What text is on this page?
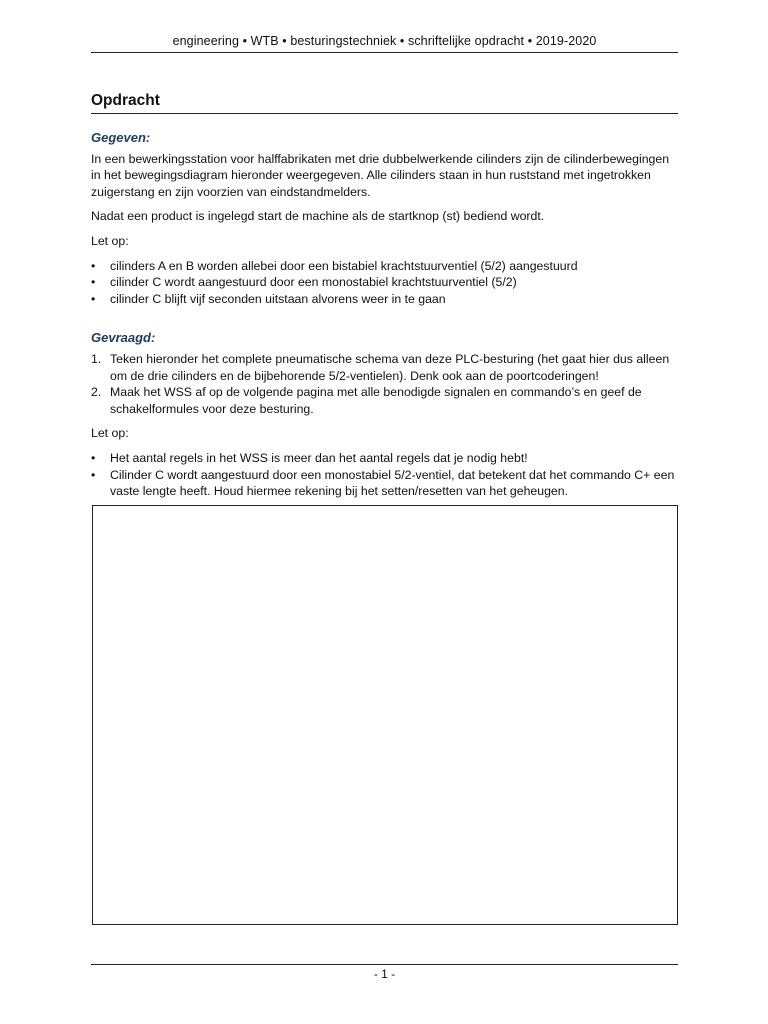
engineering • WTB • besturingstechniek • schriftelijke opdracht • 2019-2020
Opdracht
Gegeven:

In een bewerkingsstation voor halffabrikaten met drie dubbelwerkende cilinders zijn de cilinderbewegingen in het bewegingsdiagram hieronder weergegeven. Alle cilinders staan in hun ruststand met ingetrokken zuigerstang en zijn voorzien van eindstandmelders.

Nadat een product is ingelegd start de machine als de startknop (st) bediend wordt.

Let op:

• cilinders A en B worden allebei door een bistabiel krachtstuurventiel (5/2) aangestuurd
• cilinder C wordt aangestuurd door een monostabiel krachtstuurventiel (5/2)
• cilinder C blijft vijf seconden uitstaan alvorens weer in te gaan
Gevraagd:
1. Teken hieronder het complete pneumatische schema van deze PLC-besturing (het gaat hier dus alleen om de drie cilinders en de bijbehorende 5/2-ventielen). Denk ook aan de poortcoderingen!
2. Maak het WSS af op de volgende pagina met alle benodigde signalen en commando’s en geef de schakelformules voor deze besturing.

Let op:

• Het aantal regels in het WSS is meer dan het aantal regels dat je nodig hebt!
• Cilinder C wordt aangestuurd door een monostabiel 5/2-ventiel, dat betekent dat het commando C+ een vaste lengte heeft. Houd hiermee rekening bij het setten/resetten van het geheugen.
- 1 -
